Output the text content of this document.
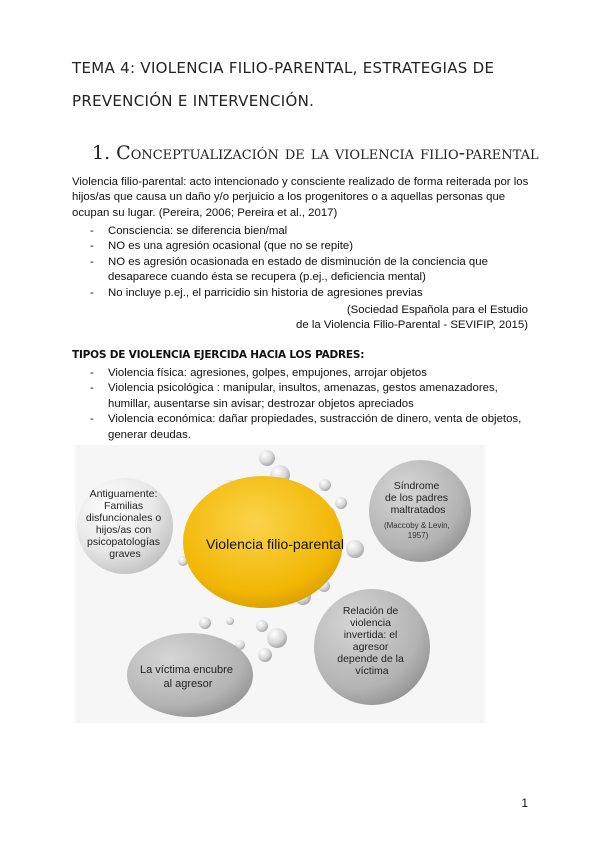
TEMA 4: VIOLENCIA FILIO-PARENTAL, ESTRATEGIAS DE PREVENCIÓN E INTERVENCIÓN.
1. Conceptualización de la violencia filio-parental

Violencia filio-parental: acto intencionado y consciente realizado de forma reiterada por los hijos/as que causa un daño y/o perjuicio a los progenitores o a aquellas personas que ocupan su lugar. (Pereira, 2006; Pereira et al., 2017)

- Consciencia: se diferencia bien/mal
- NO es una agresión ocasional (que no se repite)
- NO es agresión ocasionada en estado de disminución de la conciencia que desaparece cuando ésta se recupera (p.ej., deficiencia mental)
- No incluye p.ej., el parricidio sin historia de agresiones previas
(Sociedad Española para el Estudio
de la Violencia Filio-Parental - SEVIFIP, 2015)
TIPOS DE VIOLENCIA EJERCIDA HACIA LOS PADRES:
- Violencia física: agresiones, golpes, empujones, arrojar objetos
- Violencia psicológica : manipular, insultos, amenazas, gestos amenazadores, humillar, ausentarse sin avisar; destrozar objetos apreciados
- Violencia económica: dañar propiedades, sustracción de dinero, venta de objetos, generar deudas.
Violencia filio-parental
Antiguamente: Familias disfuncionales o hijos/as con psicopatologías graves
Síndrome de los padres maltratados
(Maccoby & Levin, 1957)
La víctima encubre al agresor
Relación de violencia invertida: el agresor depende de la víctima
1
